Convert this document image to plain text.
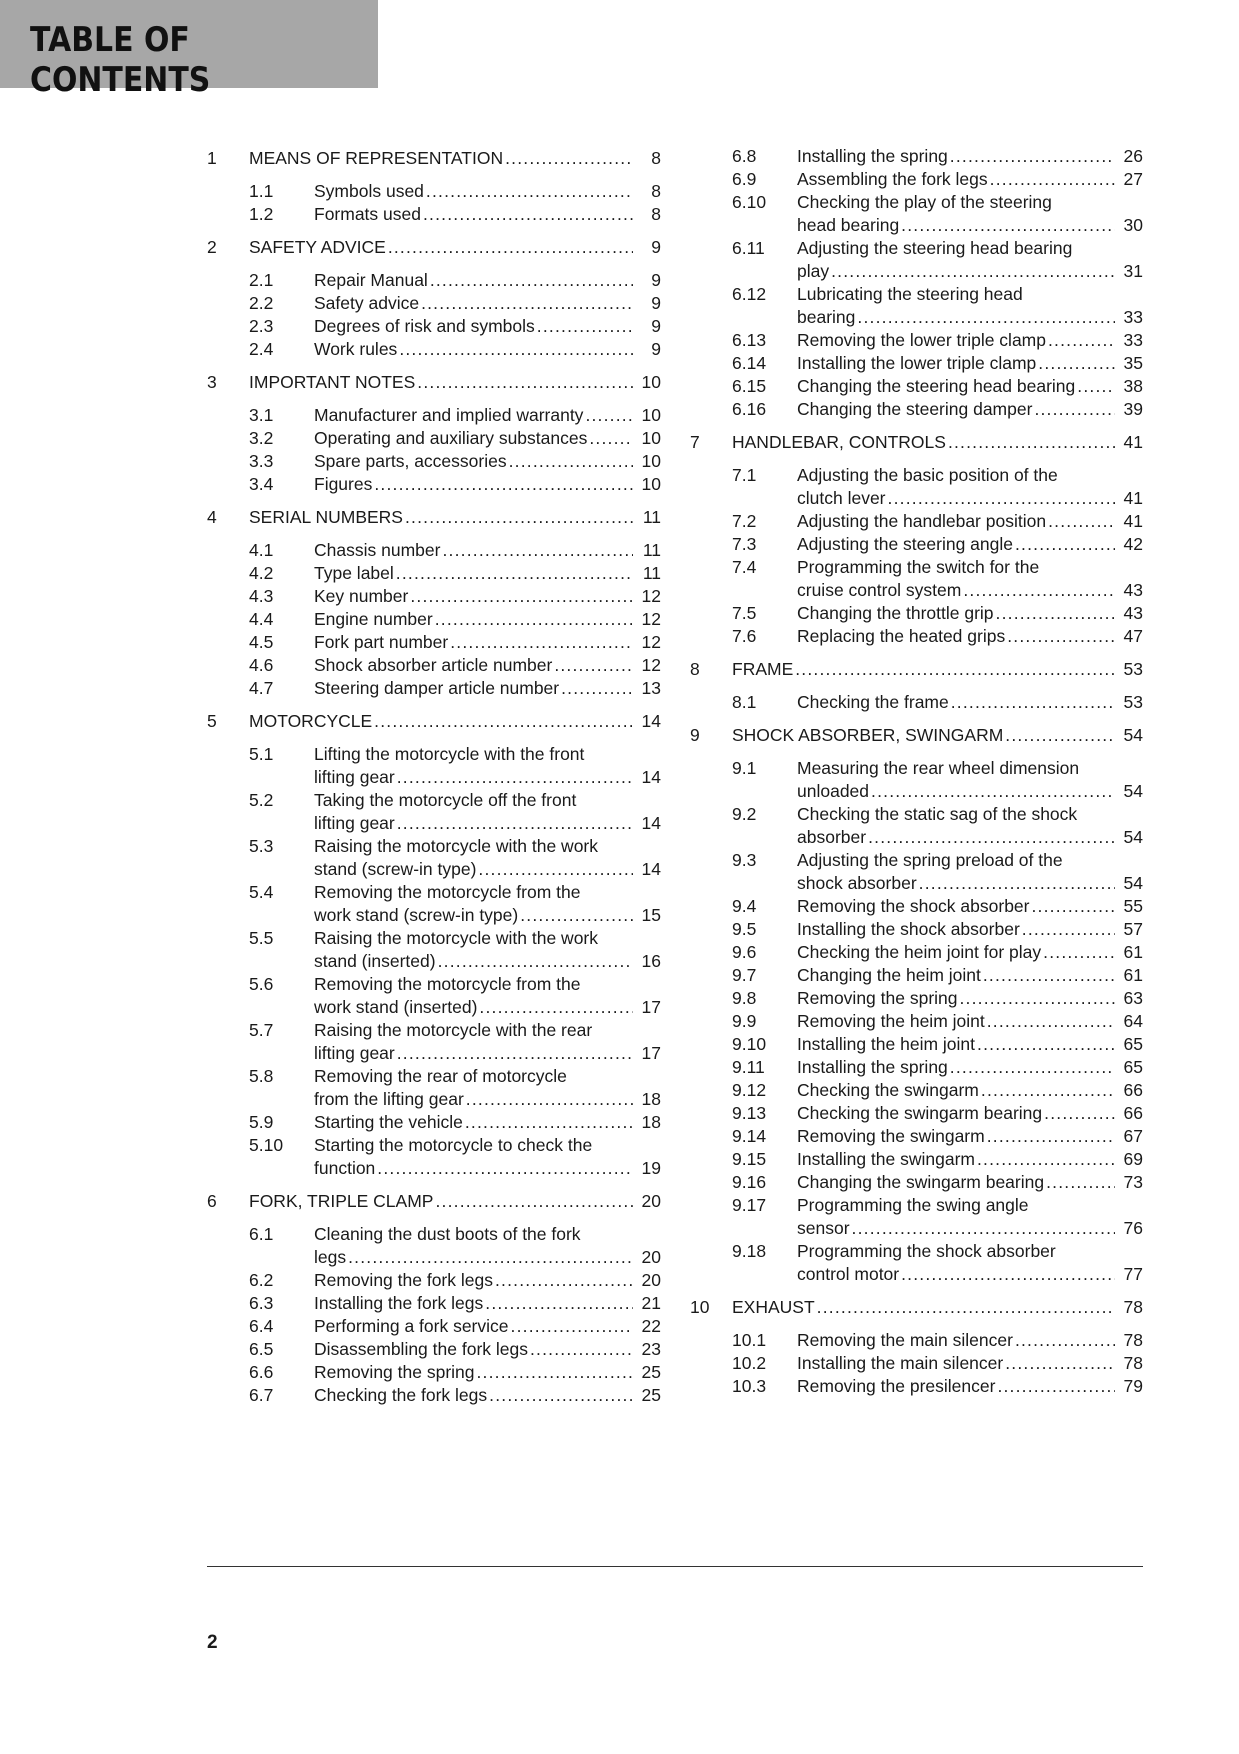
TABLE OF CONTENTS
1 MEANS OF REPRESENTATION .....	8
1.1 Symbols used .....	8
1.2 Formats used .....	8
2 SAFETY ADVICE .....	9
2.1 Repair Manual .....	9
2.2 Safety advice .....	9
2.3 Degrees of risk and symbols .....	9
2.4 Work rules .....	9
3 IMPORTANT NOTES .....	10
3.1 Manufacturer and implied warranty .....	10
3.2 Operating and auxiliary substances .....	10
3.3 Spare parts, accessories .....	10
3.4 Figures .....	10
4 SERIAL NUMBERS .....	11
4.1 Chassis number .....	11
4.2 Type label .....	11
4.3 Key number .....	12
4.4 Engine number .....	12
4.5 Fork part number .....	12
4.6 Shock absorber article number .....	12
4.7 Steering damper article number .....	13
5 MOTORCYCLE .....	14
5.1 Lifting the motorcycle with the front
lifting gear .....	14
5.2 Taking the motorcycle off the front
lifting gear .....	14
5.3 Raising the motorcycle with the work
stand (screw-in type) .....	14
5.4 Removing the motorcycle from the
work stand (screw-in type) .....	15
5.5 Raising the motorcycle with the work
stand (inserted) .....	16
5.6 Removing the motorcycle from the
work stand (inserted) .....	17
5.7 Raising the motorcycle with the rear
lifting gear .....	17
5.8 Removing the rear of motorcycle
from the lifting gear .....	18
5.9 Starting the vehicle .....	18
5.10 Starting the motorcycle to check the
function .....	19
6 FORK, TRIPLE CLAMP .....	20
6.1 Cleaning the dust boots of the fork
legs .....	20
6.2 Removing the fork legs .....	20
6.3 Installing the fork legs .....	21
6.4 Performing a fork service .....	22
6.5 Disassembling the fork legs .....	23
6.6 Removing the spring .....	25
6.7 Checking the fork legs .....	25
6.8 Installing the spring .....	26
6.9 Assembling the fork legs .....	27
6.10 Checking the play of the steering
head bearing .....	30
6.11 Adjusting the steering head bearing
play .....	31
6.12 Lubricating the steering head
bearing .....	33
6.13 Removing the lower triple clamp .....	33
6.14 Installing the lower triple clamp .....	35
6.15 Changing the steering head bearing .....	38
6.16 Changing the steering damper .....	39
7 HANDLEBAR, CONTROLS .....	41
7.1 Adjusting the basic position of the
clutch lever .....	41
7.2 Adjusting the handlebar position .....	41
7.3 Adjusting the steering angle .....	42
7.4 Programming the switch for the
cruise control system .....	43
7.5 Changing the throttle grip .....	43
7.6 Replacing the heated grips .....	47
8 FRAME .....	53
8.1 Checking the frame .....	53
9 SHOCK ABSORBER, SWINGARM .....	54
9.1 Measuring the rear wheel dimension
unloaded .....	54
9.2 Checking the static sag of the shock
absorber .....	54
9.3 Adjusting the spring preload of the
shock absorber .....	54
9.4 Removing the shock absorber .....	55
9.5 Installing the shock absorber .....	57
9.6 Checking the heim joint for play .....	61
9.7 Changing the heim joint .....	61
9.8 Removing the spring .....	63
9.9 Removing the heim joint .....	64
9.10 Installing the heim joint .....	65
9.11 Installing the spring .....	65
9.12 Checking the swingarm .....	66
9.13 Checking the swingarm bearing .....	66
9.14 Removing the swingarm .....	67
9.15 Installing the swingarm .....	69
9.16 Changing the swingarm bearing .....	73
9.17 Programming the swing angle
sensor .....	76
9.18 Programming the shock absorber
control motor .....	77
10 EXHAUST .....	78
10.1 Removing the main silencer .....	78
10.2 Installing the main silencer .....	78
10.3 Removing the presilencer .....	79
2
